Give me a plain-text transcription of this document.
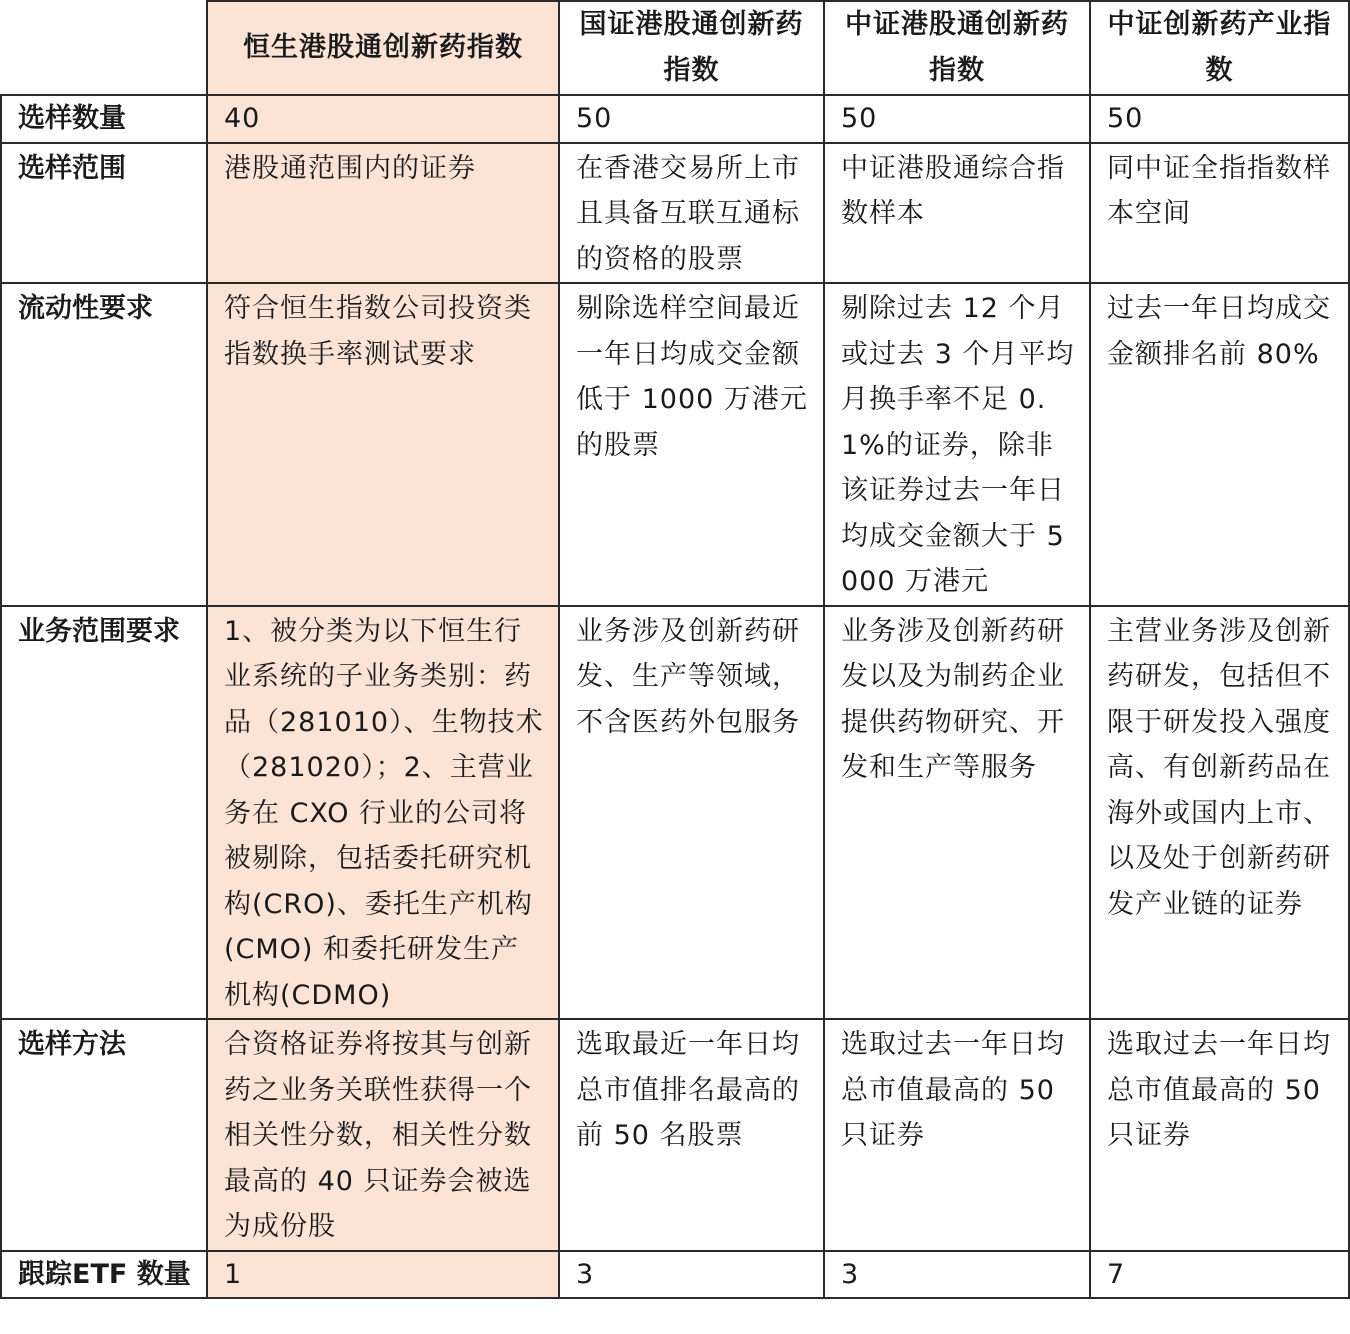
	恒生港股通创新药指数	国证港股通创新药指数	中证港股通创新药指数	中证创新药产业指数
选样数量	40	50	50	50
选样范围	港股通范围内的证券	在香港交易所上市且具备互联互通标的资格的股票	中证港股通综合指数样本	同中证全指指数样本空间
流动性要求	符合恒生指数公司投资类指数换手率测试要求	剔除选样空间最近一年日均成交金额低于 1000 万港元的股票	剔除过去 12 个月或过去 3 个月平均月换手率不足 0.1%的证券，除非该证券过去一年日均成交金额大于 5000 万港元	过去一年日均成交金额排名前 80%
业务范围要求	1、被分类为以下恒生行业系统的子业务类别：药品（281010）、生物技术（281020）；2、主营业务在 CXO 行业的公司将被剔除，包括委托研究机构(CRO)、委托生产机构(CMO) 和委托研发生产机构(CDMO)	业务涉及创新药研发、生产等领域，不含医药外包服务	业务涉及创新药研发以及为制药企业提供药物研究、开发和生产等服务	主营业务涉及创新药研发，包括但不限于研发投入强度高、有创新药品在海外或国内上市、以及处于创新药研发产业链的证券
选样方法	合资格证券将按其与创新药之业务关联性获得一个相关性分数，相关性分数最高的 40 只证券会被选为成份股	选取最近一年日均总市值排名最高的前 50 名股票	选取过去一年日均总市值最高的 50 只证券	选取过去一年日均总市值最高的 50 只证券
跟踪ETF 数量	1	3	3	7
